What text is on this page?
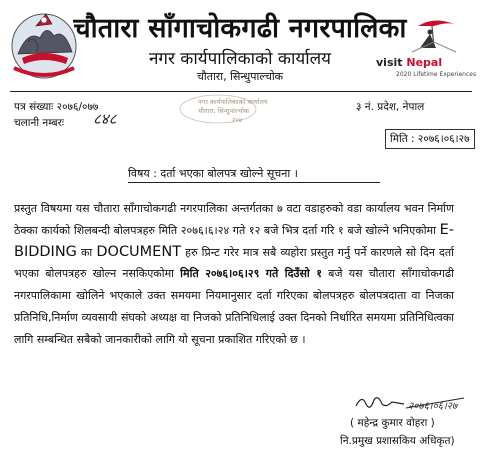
चौतारा साँगाचोकगढी नगरपालिका
नगर कार्यपालिकाको कार्यालय
चौतारा, सिन्धुपाल्चोक
visit Nepal
2020 Lifetime Experiences
नगर कार्यपालिकाको कार्यालय
चौतारा, सिन्धुपाल्चोक
२०४
पत्र संख्याः २०७६/०७७
चलानी नम्बरः ८४८
३ नं. प्रदेश, नेपाल
मिति : २०७६।०६।२७
विषय : दर्ता भएका बोलपत्र खोल्ने सूचना ।
प्रस्तुत विषयमा यस चौतारा साँगाचोकगढी नगरपालिका अन्तर्गतका ७ वटा वडाहरुको वडा कार्यालय भवन निर्माण ठेक्का कार्यको शिलबन्दी बोलपत्रहरु मिति २०७६।६।२४ गते १२ बजे भित्र दर्ता गरि १ बजे खोल्ने भनिएकोमा E- BIDDING का DOCUMENT हरु प्रिन्ट गरेर मात्र सबै व्यहोरा प्रस्तुत गर्नु पर्ने कारणले सो दिन दर्ता भएका बोलपत्रहरु खोल्न नसकिएकोमा मिति २०७६।०६।२९ गते दिउँसो १ बजे यस चौतारा साँगाचोकगढी नगरपालिकामा खोलिने भएकाले उक्त समयमा नियमानुसार दर्ता गरिएका बोलपत्रहरु बोलपत्रदाता वा निजका प्रतिनिधि,निर्माण व्यवसायी संघको अध्यक्ष वा निजको प्रतिनिधिलाई उक्त दिनको निर्धारित समयमा प्रतिनिधित्वका लागि सम्बन्धित सबैको जानकारीको लागि यो सूचना प्रकाशित गरिएको छ ।
२०७६।०६।२७
( महेन्द्र कुमार वोहरा )
नि.प्रमुख प्रशासकिय अधिकृत)
